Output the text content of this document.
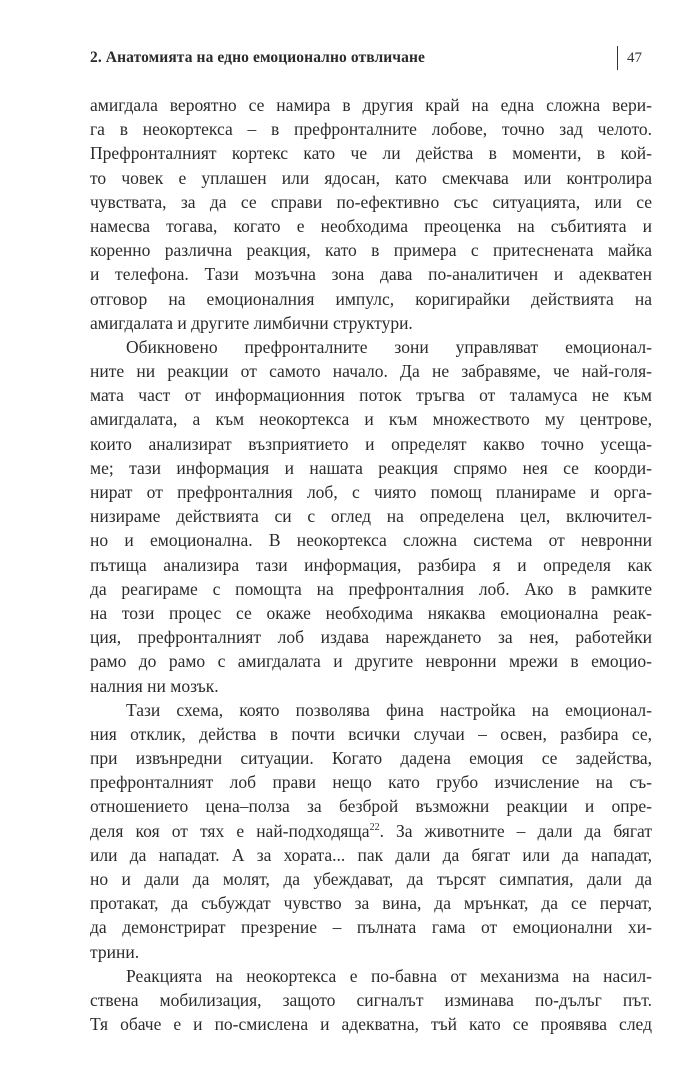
2. Анатомията на едно емоционално отвличане	47
амигдала вероятно се намира в другия край на една сложна вери-
га в неокортекса – в префронталните лобове, точно зад челото.
Префронталният кортекс като че ли действа в моменти, в кой-
то човек е уплашен или ядосан, като смекчава или контролира
чувствата, за да се справи по-ефективно със ситуацията, или се
намесва тогава, когато е необходима преоценка на събитията и
коренно различна реакция, като в примера с притеснената майка
и телефона. Тази мозъчна зона дава по-аналитичен и адекватен
отговор на емоционалния импулс, коригирайки действията на
амигдалата и другите лимбични структури.
Обикновено префронталните зони управляват емоционал-
ните ни реакции от самото начало. Да не забравяме, че най-голя-
мата част от информационния поток тръгва от таламуса не към
амигдалата, а към неокортекса и към множеството му центрове,
които анализират възприятието и определят какво точно усеща-
ме; тази информация и нашата реакция спрямо нея се коорди-
нират от префронталния лоб, с чиято помощ планираме и орга-
низираме действията си с оглед на определена цел, включител-
но и емоционална. В неокортекса сложна система от невронни
пътища анализира тази информация, разбира я и определя как
да реагираме с помощта на префронталния лоб. Ако в рамките
на този процес се окаже необходима някаква емоционална реак-
ция, префронталният лоб издава нареждането за нея, работейки
рамо до рамо с амигдалата и другите невронни мрежи в емоцио-
налния ни мозък.
Тази схема, която позволява фина настройка на емоционал-
ния отклик, действа в почти всички случаи – освен, разбира се,
при извънредни ситуации. Когато дадена емоция се задейства,
префронталният лоб прави нещо като грубо изчисление на съ-
отношението цена–полза за безброй възможни реакции и опре-
деля коя от тях е най-подходяща$^{22}$. За животните – дали да бягат
или да нападат. А за хората... пак дали да бягат или да нападат,
но и дали да молят, да убеждават, да търсят симпатия, дали да
протакат, да събуждат чувство за вина, да мрънкат, да се перчат,
да демонстрират презрение – пълната гама от емоционални хи-
трини.
Реакцията на неокортекса е по-бавна от механизма на насил-
ствена мобилизация, защото сигналът изминава по-дълъг път.
Тя обаче е и по-смислена и адекватна, тъй като се проявява след
